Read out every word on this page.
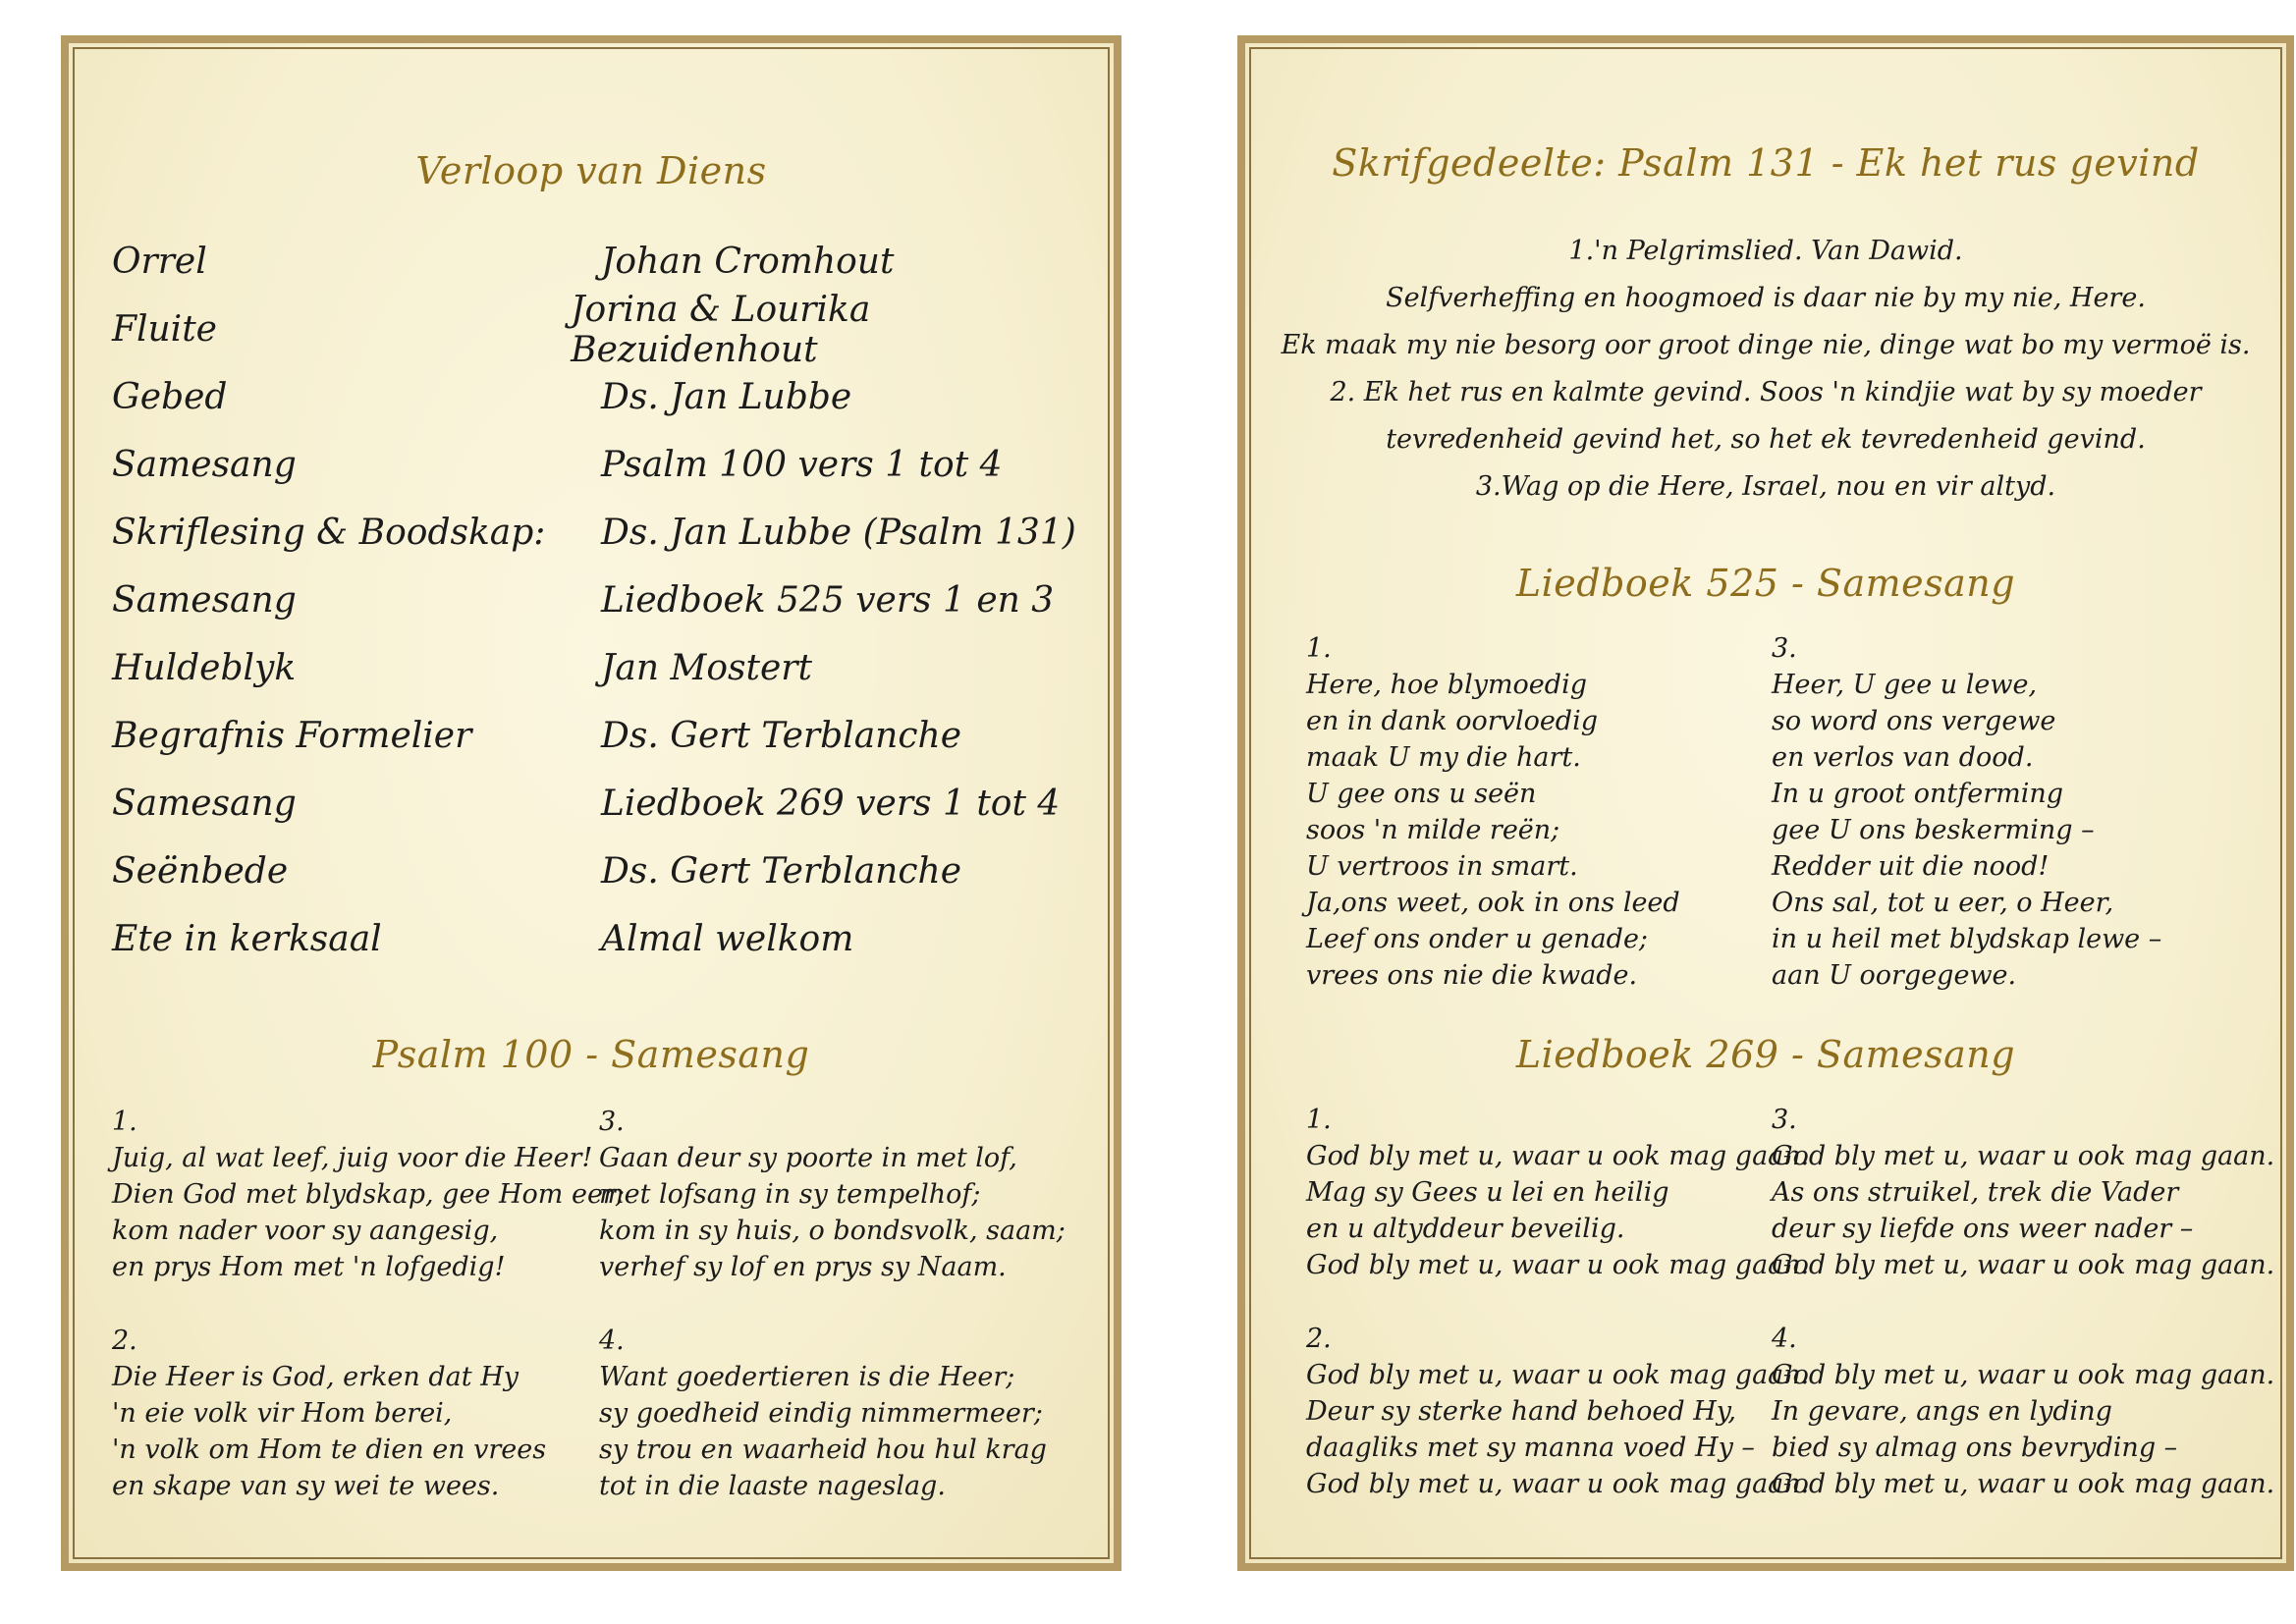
Verloop van Diens
Orrel	Johan Cromhout
Fluite	Jorina & Lourika Bezuidenhout
Gebed	Ds. Jan Lubbe
Samesang	Psalm 100 vers 1 tot 4
Skriflesing & Boodskap:	Ds. Jan Lubbe (Psalm 131)
Samesang	Liedboek 525 vers 1 en 3
Huldeblyk	Jan Mostert
Begrafnis Formelier	Ds. Gert Terblanche
Samesang	Liedboek 269 vers 1 tot 4
Seënbede	Ds. Gert Terblanche
Ete in kerksaal	Almal welkom
Psalm 100 - Samesang
1.
Juig, al wat leef, juig voor die Heer!
Dien God met blydskap, gee Hom eer;
kom nader voor sy aangesig,
en prys Hom met 'n lofgedig!
2.
Die Heer is God, erken dat Hy
'n eie volk vir Hom berei,
'n volk om Hom te dien en vrees
en skape van sy wei te wees.
3.
Gaan deur sy poorte in met lof,
met lofsang in sy tempelhof;
kom in sy huis, o bondsvolk, saam;
verhef sy lof en prys sy Naam.
4.
Want goedertieren is die Heer;
sy goedheid eindig nimmermeer;
sy trou en waarheid hou hul krag
tot in die laaste nageslag.
Skrifgedeelte: Psalm 131 - Ek het rus gevind
1.'n Pelgrimslied. Van Dawid.
Selfverheffing en hoogmoed is daar nie by my nie, Here.
Ek maak my nie besorg oor groot dinge nie, dinge wat bo my vermoë is.
2. Ek het rus en kalmte gevind. Soos 'n kindjie wat by sy moeder
tevredenheid gevind het, so het ek tevredenheid gevind.
3.Wag op die Here, Israel, nou en vir altyd.
Liedboek 525 - Samesang
1.
Here, hoe blymoedig
en in dank oorvloedig
maak U my die hart.
U gee ons u seën
soos 'n milde reën;
U vertroos in smart.
Ja,ons weet, ook in ons leed
Leef ons onder u genade;
vrees ons nie die kwade.
3.
Heer, U gee u lewe,
so word ons vergewe
en verlos van dood.
In u groot ontferming
gee U ons beskerming –
Redder uit die nood!
Ons sal, tot u eer, o Heer,
in u heil met blydskap lewe –
aan U oorgegewe.
Liedboek 269 - Samesang
1.
God bly met u, waar u ook mag gaan.
Mag sy Gees u lei en heilig
en u altyddeur beveilig.
God bly met u, waar u ook mag gaan.
2.
God bly met u, waar u ook mag gaan.
Deur sy sterke hand behoed Hy,
daagliks met sy manna voed Hy –
God bly met u, waar u ook mag gaan.
3.
God bly met u, waar u ook mag gaan.
As ons struikel, trek die Vader
deur sy liefde ons weer nader –
God bly met u, waar u ook mag gaan.
4.
God bly met u, waar u ook mag gaan.
In gevare, angs en lyding
bied sy almag ons bevryding –
God bly met u, waar u ook mag gaan.
